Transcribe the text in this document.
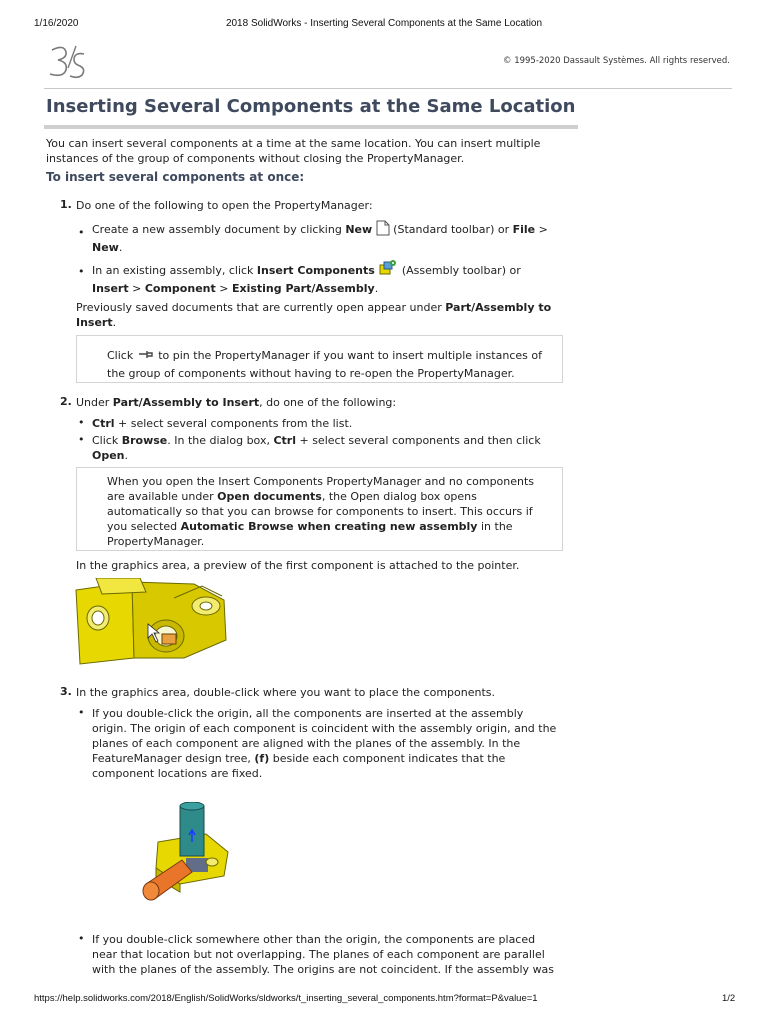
1/16/2020	2018 SolidWorks - Inserting Several Components at the Same Location
© 1995-2020 Dassault Systèmes. All rights reserved.
Inserting Several Components at the Same Location
You can insert several components at a time at the same location. You can insert multiple
instances of the group of components without closing the PropertyManager.
To insert several components at once:
1. Do one of the following to open the PropertyManager:
• Create a new assembly document by clicking New  (Standard toolbar) or File >
New.
• In an existing assembly, click Insert Components  (Assembly toolbar) or
Insert > Component > Existing Part/Assembly.
Previously saved documents that are currently open appear under Part/Assembly to
Insert.
Click  to pin the PropertyManager if you want to insert multiple instances of
the group of components without having to re-open the PropertyManager.
2. Under Part/Assembly to Insert, do one of the following:
• Ctrl + select several components from the list.
• Click Browse. In the dialog box, Ctrl + select several components and then click
Open.
When you open the Insert Components PropertyManager and no components
are available under Open documents, the Open dialog box opens
automatically so that you can browse for components to insert. This occurs if
you selected Automatic Browse when creating new assembly in the
PropertyManager.
In the graphics area, a preview of the first component is attached to the pointer.
3. In the graphics area, double-click where you want to place the components.
• If you double-click the origin, all the components are inserted at the assembly
origin. The origin of each component is coincident with the assembly origin, and the
planes of each component are aligned with the planes of the assembly. In the
FeatureManager design tree, (f) beside each component indicates that the
component locations are fixed.
• If you double-click somewhere other than the origin, the components are placed
near that location but not overlapping. The planes of each component are parallel
with the planes of the assembly. The origins are not coincident. If the assembly was
https://help.solidworks.com/2018/English/SolidWorks/sldworks/t_inserting_several_components.htm?format=P&value=1	1/2
